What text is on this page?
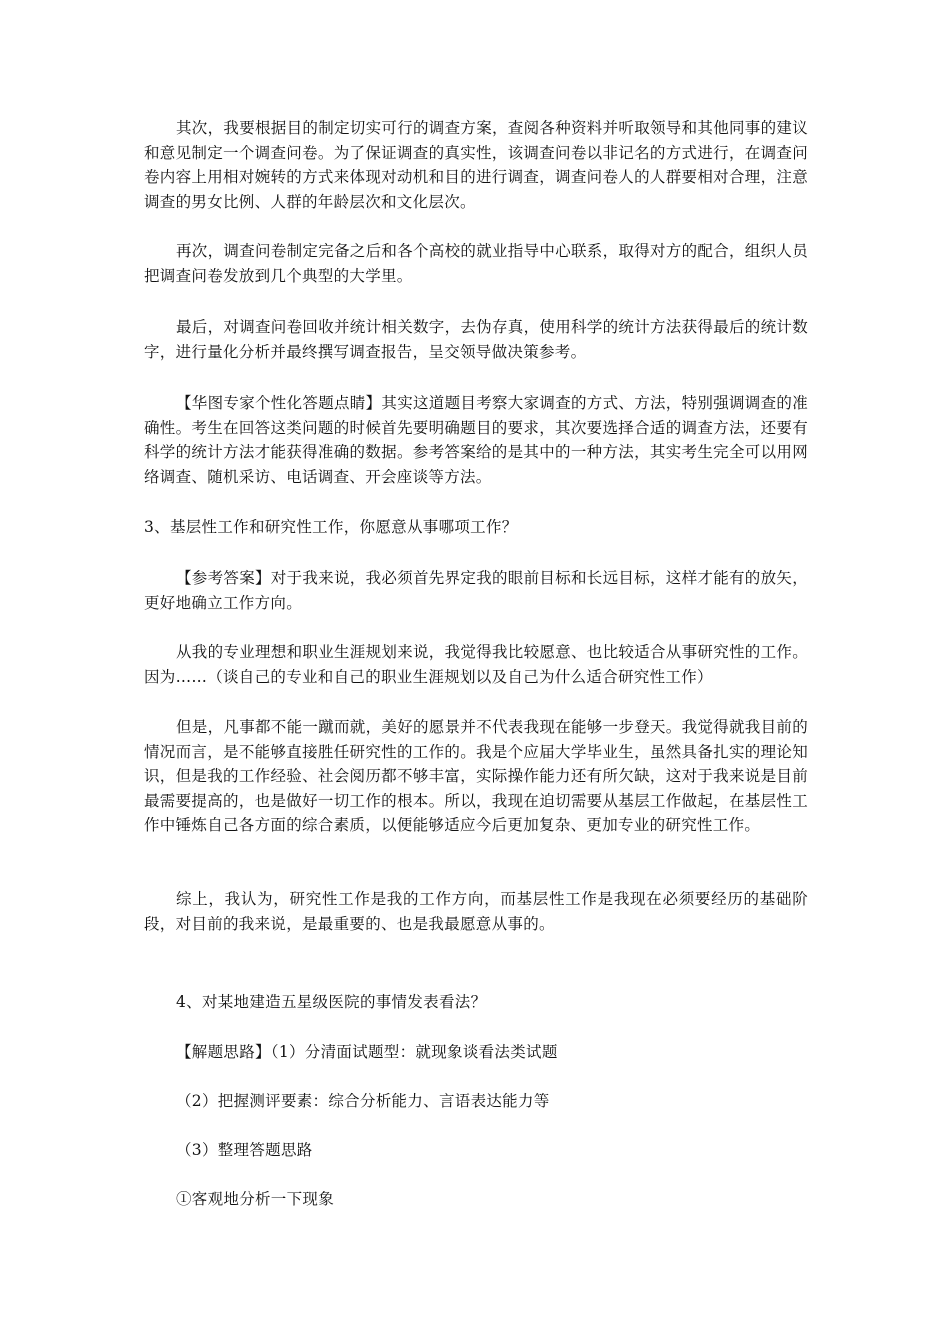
其次，我要根据目的制定切实可行的调查方案，查阅各种资料并听取领导和其他同事的建议和意见制定一个调查问卷。为了保证调查的真实性，该调查问卷以非记名的方式进行，在调查问卷内容上用相对婉转的方式来体现对动机和目的进行调查，调查问卷人的人群要相对合理，注意调查的男女比例、人群的年龄层次和文化层次。

再次，调查问卷制定完备之后和各个高校的就业指导中心联系，取得对方的配合，组织人员把调查问卷发放到几个典型的大学里。

最后，对调查问卷回收并统计相关数字，去伪存真，使用科学的统计方法获得最后的统计数字，进行量化分析并最终撰写调查报告，呈交领导做决策参考。

【华图专家个性化答题点睛】其实这道题目考察大家调查的方式、方法，特别强调调查的准确性。考生在回答这类问题的时候首先要明确题目的要求，其次要选择合适的调查方法，还要有科学的统计方法才能获得准确的数据。参考答案给的是其中的一种方法，其实考生完全可以用网络调查、随机采访、电话调查、开会座谈等方法。

3、基层性工作和研究性工作，你愿意从事哪项工作？

【参考答案】对于我来说，我必须首先界定我的眼前目标和长远目标，这样才能有的放矢，更好地确立工作方向。

从我的专业理想和职业生涯规划来说，我觉得我比较愿意、也比较适合从事研究性的工作。因为……（谈自己的专业和自己的职业生涯规划以及自己为什么适合研究性工作）

但是，凡事都不能一蹴而就，美好的愿景并不代表我现在能够一步登天。我觉得就我目前的情况而言，是不能够直接胜任研究性的工作的。我是个应届大学毕业生，虽然具备扎实的理论知识，但是我的工作经验、社会阅历都不够丰富，实际操作能力还有所欠缺，这对于我来说是目前最需要提高的，也是做好一切工作的根本。所以，我现在迫切需要从基层工作做起，在基层性工作中锤炼自己各方面的综合素质，以便能够适应今后更加复杂、更加专业的研究性工作。

综上，我认为，研究性工作是我的工作方向，而基层性工作是我现在必须要经历的基础阶段，对目前的我来说，是最重要的、也是我最愿意从事的。

4、对某地建造五星级医院的事情发表看法？

【解题思路】（1）分清面试题型：就现象谈看法类试题

（2）把握测评要素：综合分析能力、言语表达能力等

（3）整理答题思路

①客观地分析一下现象
